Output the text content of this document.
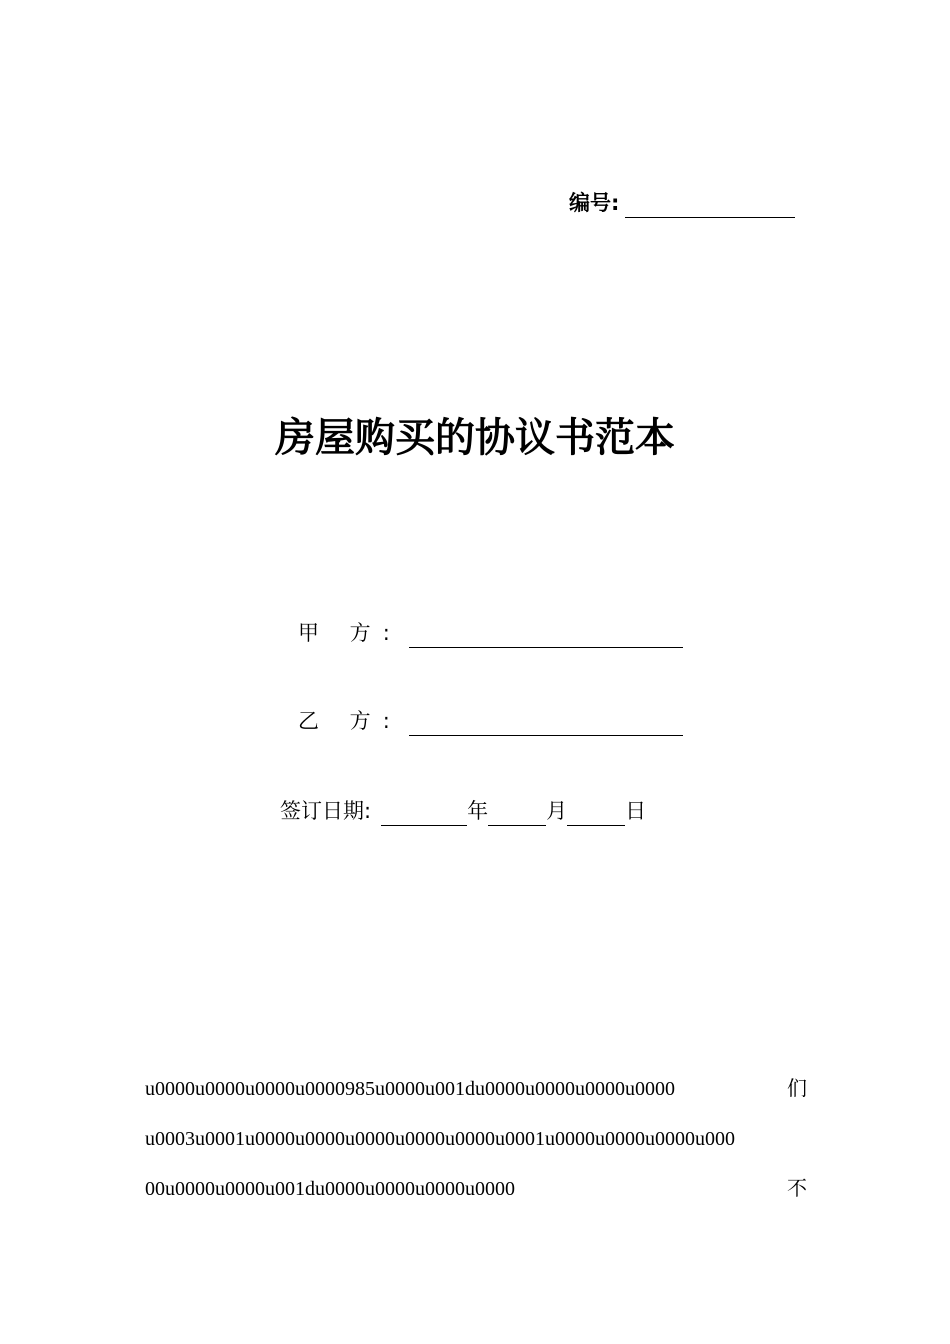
编号:
房屋购买的协议书范本
甲 方 :
乙 方 :
签订日期:	年	月	日
u0000u0000u0000u0000985u0000u001du0000u0000u0000u0000	们
u0003u0001u0000u0000u0000u0000u0000u0001u0000u0000u0000u000
00u0000u0000u001du0000u0000u0000u0000	不
